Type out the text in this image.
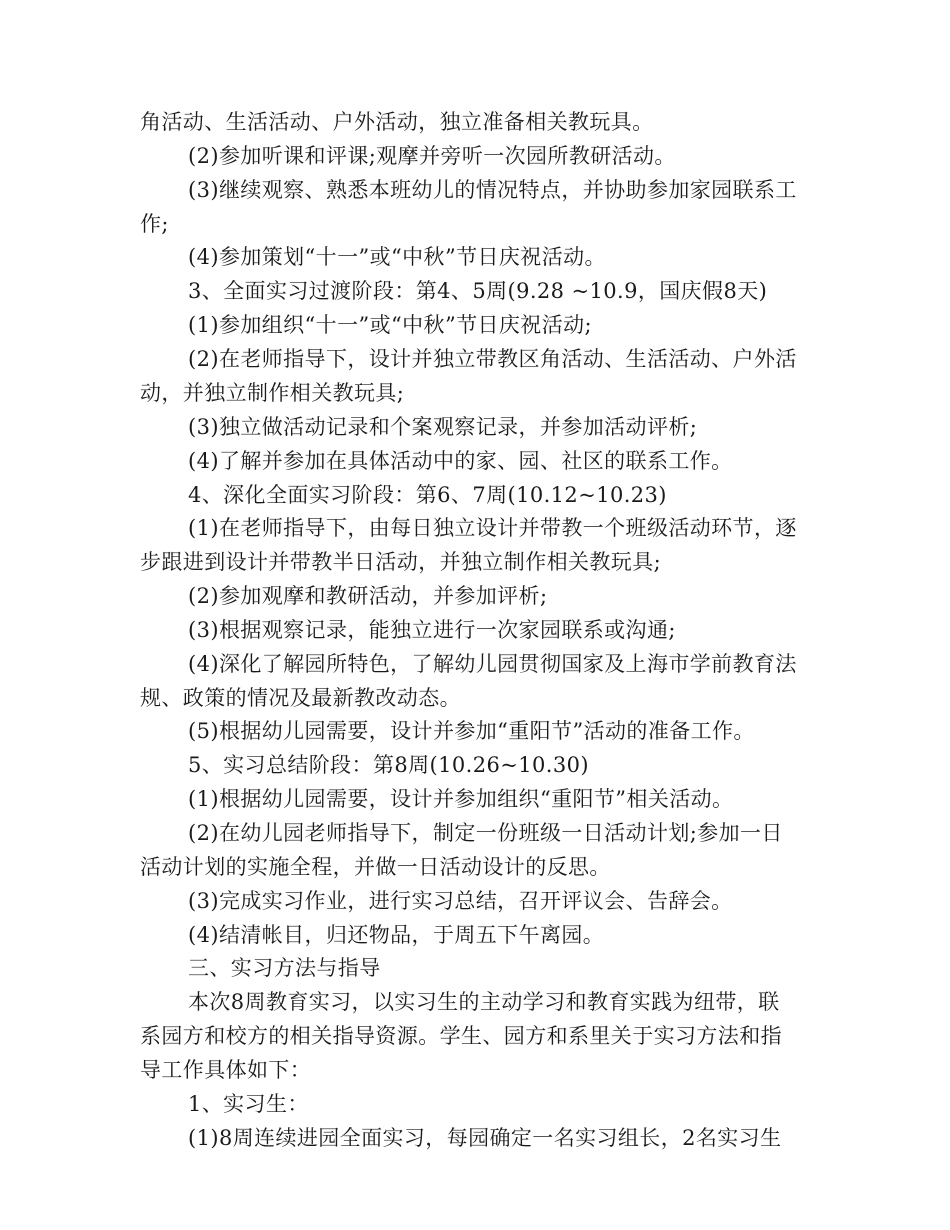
角活动、生活活动、户外活动，独立准备相关教玩具。
(2)参加听课和评课;观摩并旁听一次园所教研活动。
(3)继续观察、熟悉本班幼儿的情况特点，并协助参加家园联系工
作;
(4)参加策划“十一”或“中秋”节日庆祝活动。
3、全面实习过渡阶段：第4、5周(9.28 ~10.9，国庆假8天)
(1)参加组织“十一”或“中秋”节日庆祝活动;
(2)在老师指导下，设计并独立带教区角活动、生活活动、户外活
动，并独立制作相关教玩具;
(3)独立做活动记录和个案观察记录，并参加活动评析;
(4)了解并参加在具体活动中的家、园、社区的联系工作。
4、深化全面实习阶段：第6、7周(10.12~10.23)
(1)在老师指导下，由每日独立设计并带教一个班级活动环节，逐
步跟进到设计并带教半日活动，并独立制作相关教玩具;
(2)参加观摩和教研活动，并参加评析;
(3)根据观察记录，能独立进行一次家园联系或沟通;
(4)深化了解园所特色，了解幼儿园贯彻国家及上海市学前教育法
规、政策的情况及最新教改动态。
(5)根据幼儿园需要，设计并参加“重阳节”活动的准备工作。
5、实习总结阶段：第8周(10.26~10.30)
(1)根据幼儿园需要，设计并参加组织“重阳节”相关活动。
(2)在幼儿园老师指导下，制定一份班级一日活动计划;参加一日
活动计划的实施全程，并做一日活动设计的反思。
(3)完成实习作业，进行实习总结，召开评议会、告辞会。
(4)结清帐目，归还物品，于周五下午离园。
三、实习方法与指导
本次8周教育实习，以实习生的主动学习和教育实践为纽带，联
系园方和校方的相关指导资源。学生、园方和系里关于实习方法和指
导工作具体如下：
1、实习生：
(1)8周连续进园全面实习，每园确定一名实习组长，2名实习生
